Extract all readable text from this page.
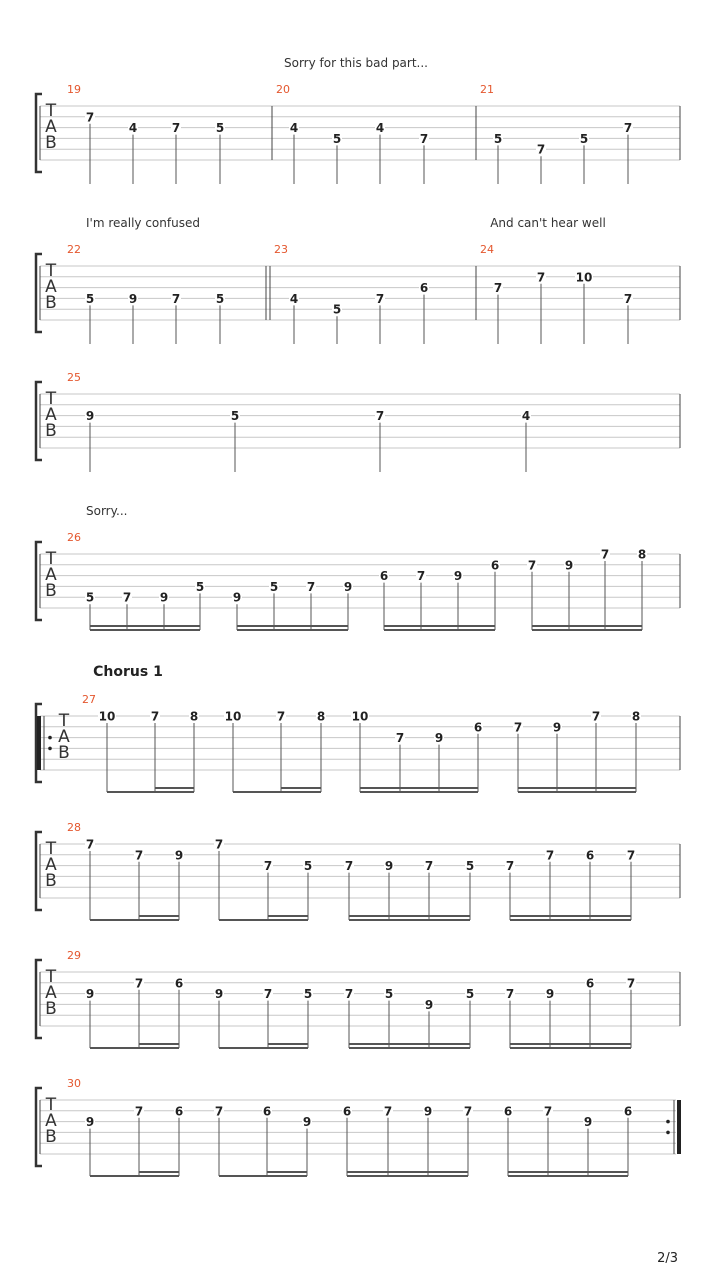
T
A
B
Sorry for this bad part...
19
7
4	7	5
20
4
5
4
7
21
5
7
5
7
T
A
B
I'm really confused	And can't hear well
22
5	9	7	5
23
4
5
7
6
24
7
7	10
7
T
A
B
25
9	5	7	4
T
A
B
Sorry...
26
5 7 9
5
9
5 7 9
6 7 9
6 7 9
7 8
T
A
B
Chorus 1
27
10	7	8 10	7	8 10
7	9
6	7	9
7	8
T
A
B
28
7
7	9
7
7	5	7	9	7	5	7
7	6	7
T
A
B
29
9
7	6
9	7	5	7	5
9
5	7	9
6	7
T
A
B
30
9
7	6	7	6
9
6	7	9	7	6	7
9
6
2/3
